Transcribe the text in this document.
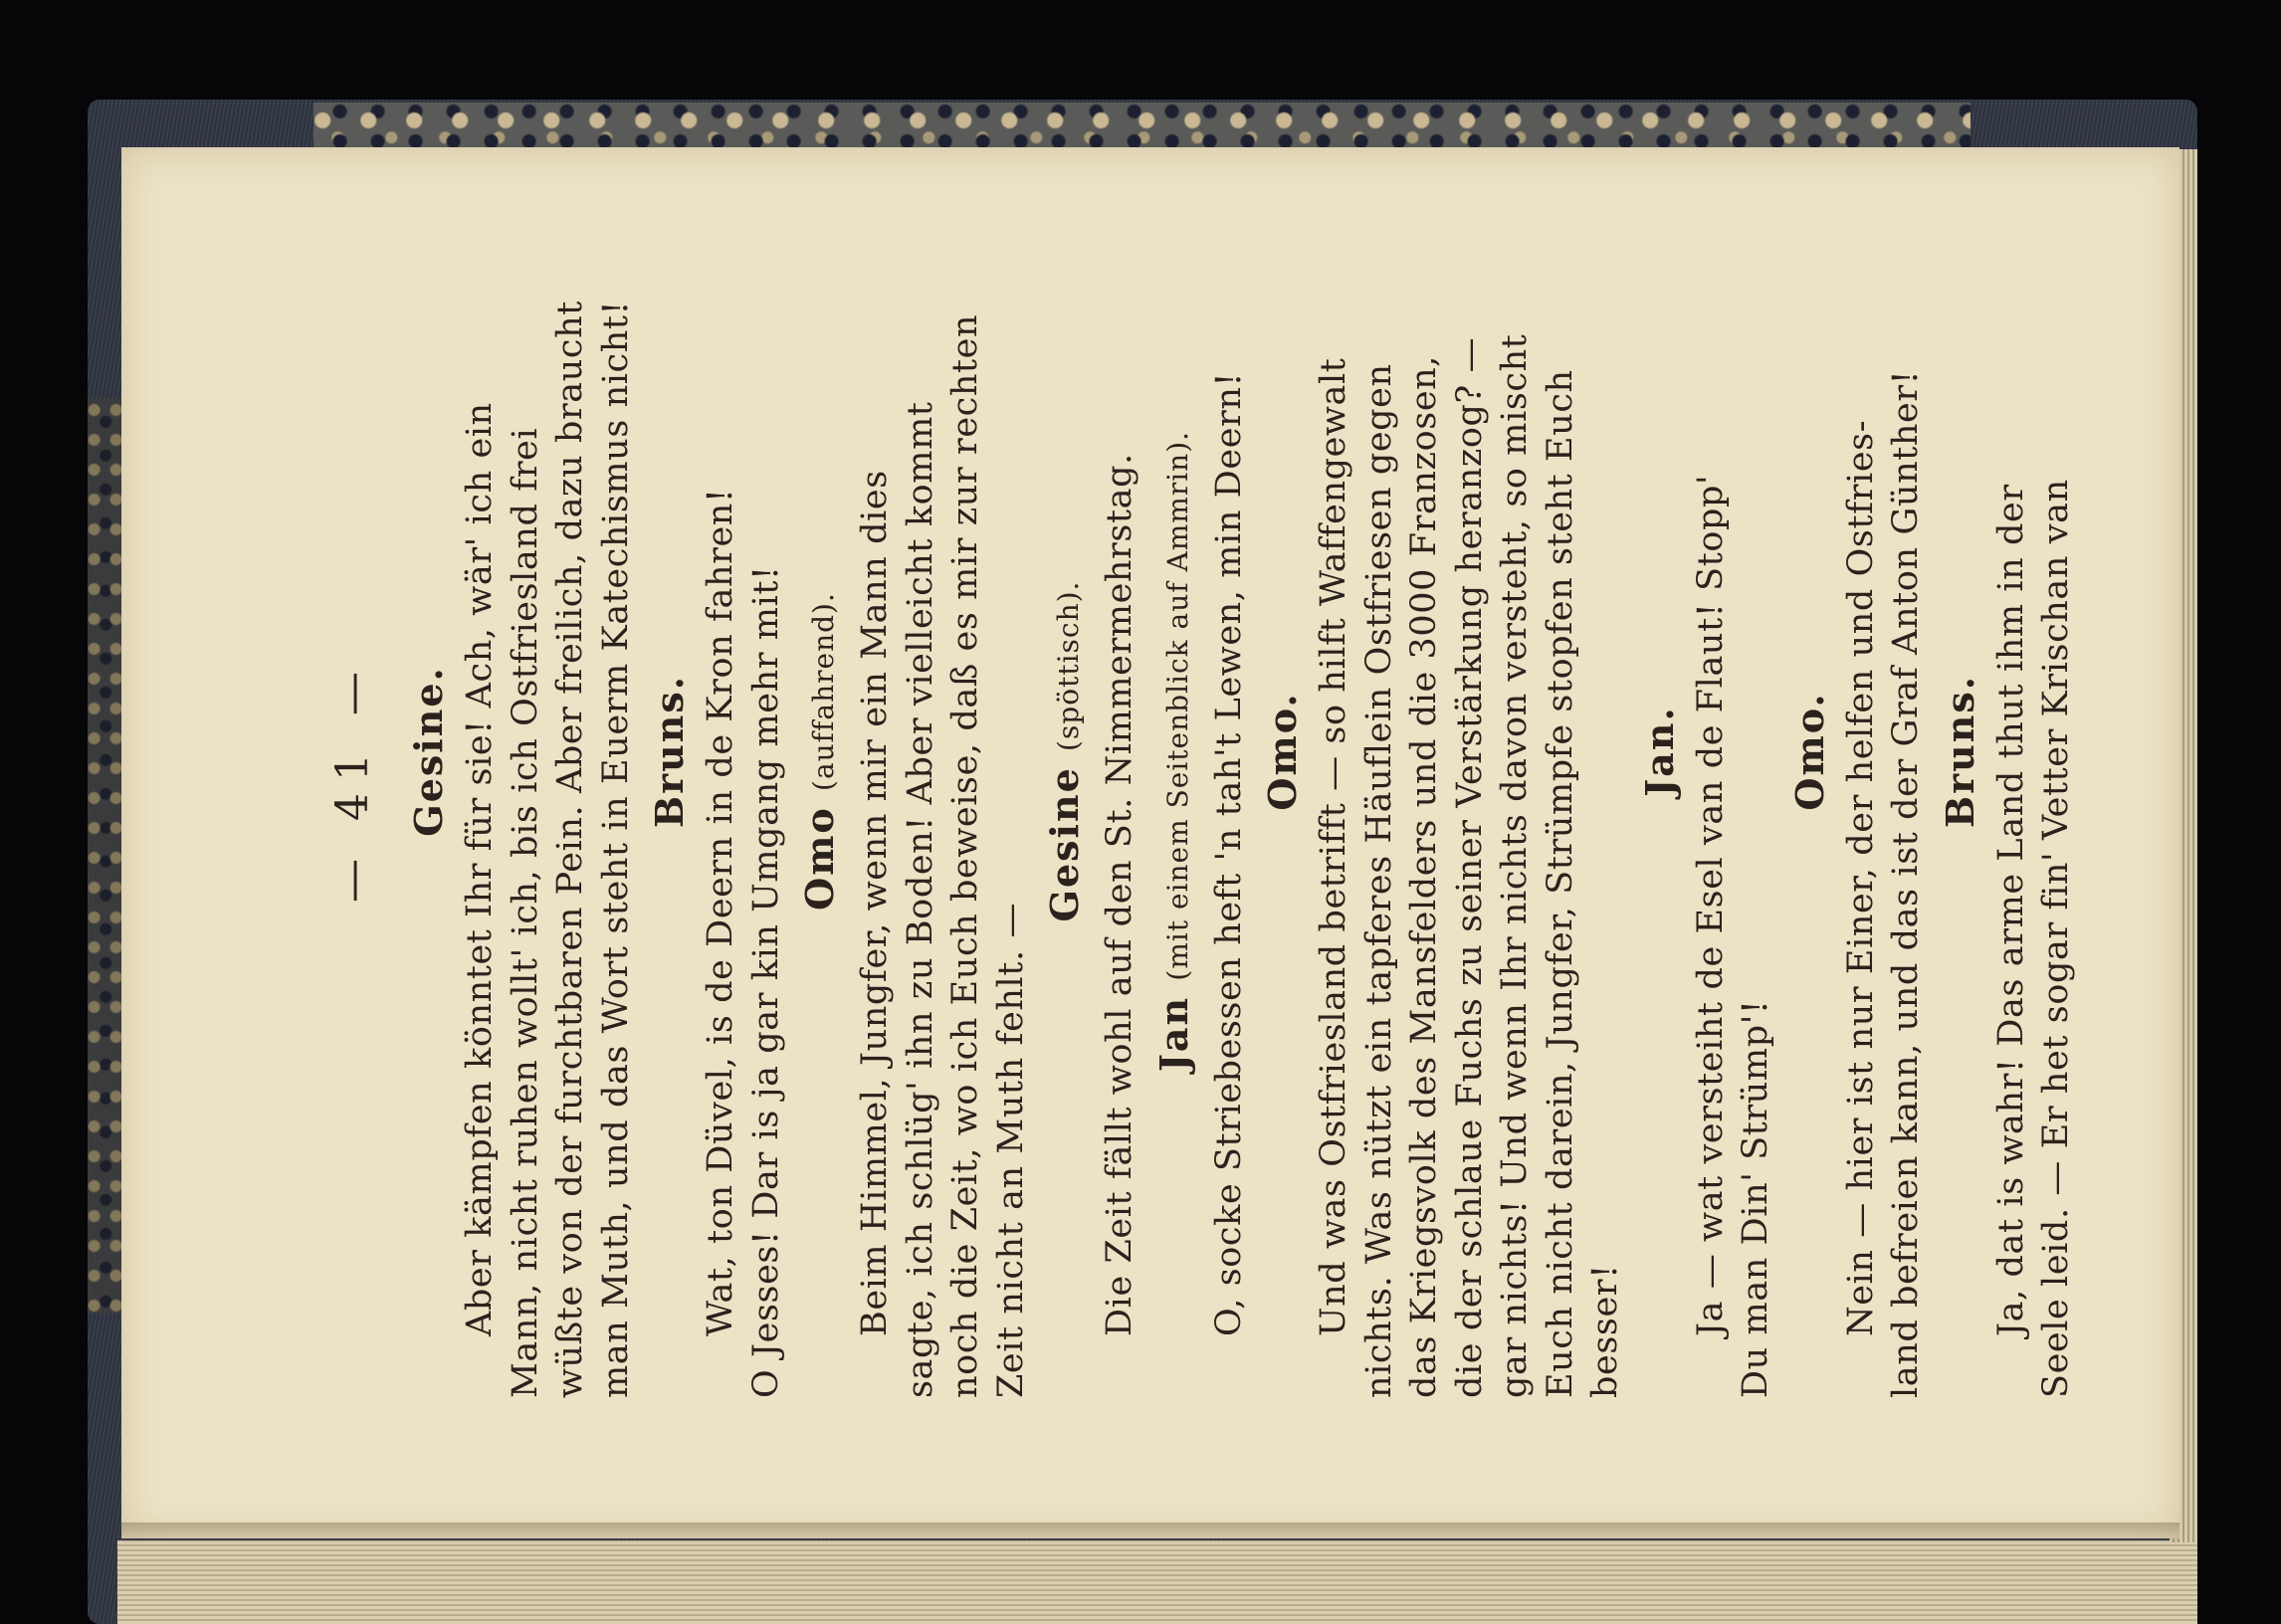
— 41 — Gesine. Aber kämpfen könntet Ihr für sie! Ach, wär' ich ein Mann, nicht ruhen wollt' ich, bis ich Ostfriesland frei wüßte von der furchtbaren Pein. Aber freilich, dazu braucht man Muth, und das Wort steht in Euerm Katechismus nicht! Bruns. Wat, ton Düvel, is de Deern in de Kron fahren! O Jesses! Dar is ja gar kin Umgang mehr mit! Omo (auffahrend). Beim Himmel, Jungfer, wenn mir ein Mann dies sagte, ich schlüg' ihn zu Boden! Aber vielleicht kommt noch die Zeit, wo ich Euch beweise, daß es mir zur rechten Zeit nicht an Muth fehlt. —
Gesine (spöttisch). Die Zeit fällt wohl auf den St. Nimmermehrstag. Jan (mit einem Seitenblick auf Ammrin). O, socke Striebessen heft 'n tah't Lewen, min Deern! Omo. Und was Ostfriesland betrifft — so hilft Waffengewalt nichts. Was nützt ein tapferes Häuflein Ostfriesen gegen das Kriegsvolk des Mansfelders und die 3000 Franzosen, die der schlaue Fuchs zu seiner Verstärkung heranzog? — gar nichts! Und wenn Ihr nichts davon versteht, so mischt Euch nicht darein, Jungfer, Strümpfe stopfen steht Euch besser!
Jan. Ja — wat versteiht de Esel van de Flaut! Stopp' Du man Din' Strümp'!
Omo. Nein — hier ist nur Einer, der helfen und Ostfries- land befreien kann, und das ist der Graf Anton Günther! Bruns. Ja, dat is wahr! Das arme Land thut ihm in der Seele leid. — Er het sogar fin' Vetter Krischan van
